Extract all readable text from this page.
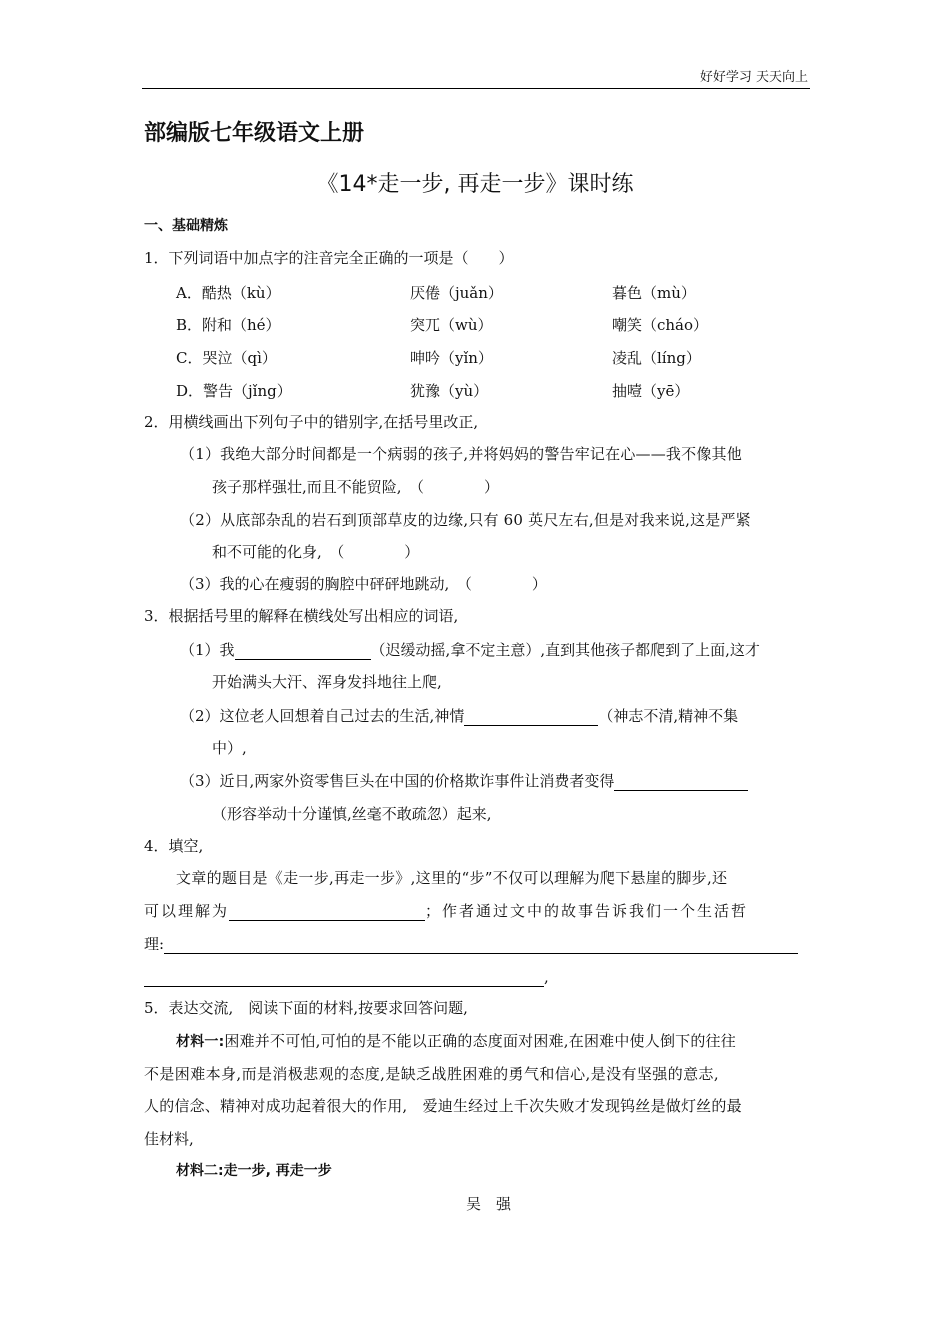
好好学习 天天向上
部编版七年级语文上册
《14*走一步, 再走一步》课时练
一、基础精炼
1．下列词语中加点字的注音完全正确的一项是（　　）
A．酷热（kù）	厌倦（juǎn）	暮色（mù）
B．附和（hé）	突兀（wù）	嘲笑（cháo）
C．哭泣（qì）	呻吟（yǐn）	凌乱（líng）
D．警告（jǐng）	犹豫（yù）	抽噎（yē）
2．用横线画出下列句子中的错别字,在括号里改正,
（1）我绝大部分时间都是一个病弱的孩子,并将妈妈的警告牢记在心——我不像其他
孩子那样强壮,而且不能贸险,　（　　　　）
（2）从底部杂乱的岩石到顶部草皮的边缘,只有 60 英尺左右,但是对我来说,这是严紧
和不可能的化身,　（　　　　）
（3）我的心在瘦弱的胸腔中砰砰地跳动,　（　　　　）
3．根据括号里的解释在横线处写出相应的词语,
（1）我	（迟缓动摇,拿不定主意）,直到其他孩子都爬到了上面,这才
开始满头大汗、浑身发抖地往上爬,
（2）这位老人回想着自己过去的生活,神情	（神志不清,精神不集
中）,
（3）近日,两家外资零售巨头在中国的价格欺诈事件让消费者变得
（形容举动十分谨慎,丝毫不敢疏忽）起来,
4．填空,
文章的题目是《走一步,再走一步》,这里的“步”不仅可以理解为爬下悬崖的脚步,还
可以理解为	；作者通过文中的故事告诉我们一个生活哲
理:
,
5．表达交流,　阅读下面的材料,按要求回答问题,
材料一:困难并不可怕,可怕的是不能以正确的态度面对困难,在困难中使人倒下的往往
不是困难本身,而是消极悲观的态度,是缺乏战胜困难的勇气和信心,是没有坚强的意志,
人的信念、精神对成功起着很大的作用,　爱迪生经过上千次失败才发现钨丝是做灯丝的最
佳材料,
材料二:走一步, 再走一步
吴　强
